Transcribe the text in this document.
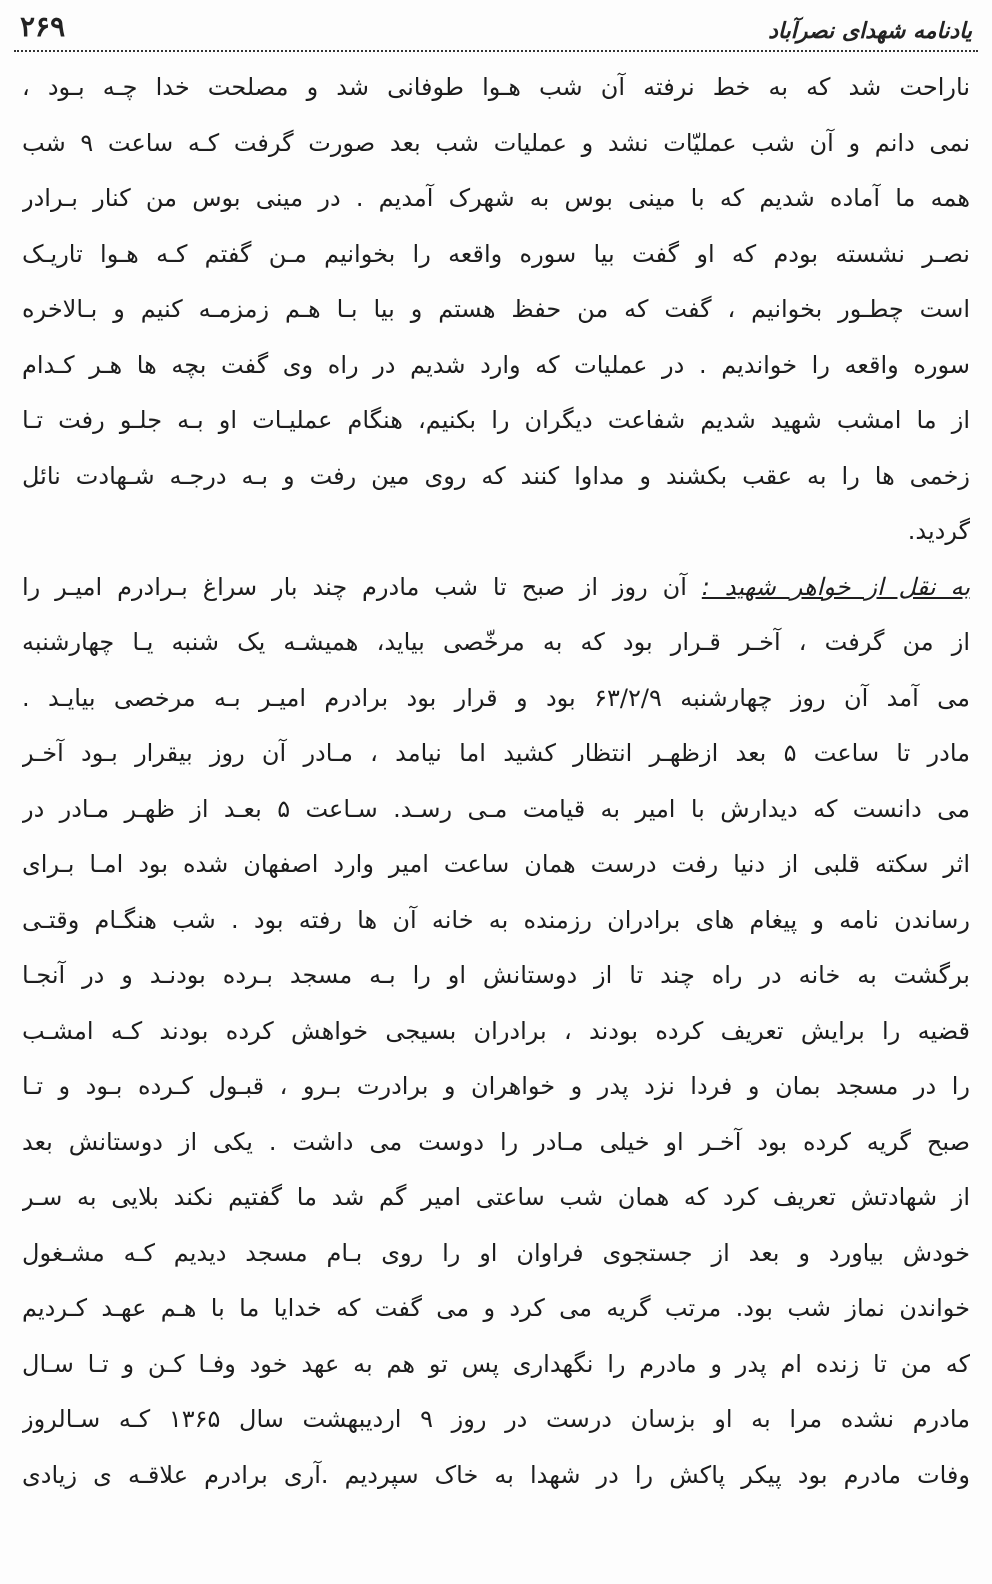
یادنامه شهدای نصرآباد
۲۶۹
ناراحت شد که به خط نرفته آن شب هـوا طوفانی شد و مصلحت خدا چـه بـود ،
نمی دانم و آن شب عملیّات نشد و عملیات شب بعد صورت گرفت کـه ساعت ۹ شب
همه ما آماده شدیم که با مینی بوس به شهرک آمدیم . در مینی بوس من کنار بـرادر
نصـر نشسته بودم که او گفت بیا سوره واقعه را بخوانیم مـن گفتم کـه هـوا تاریـک
است چطـور بخوانیم ، گفت که من حفظ هستم و بیا بـا هـم زمزمـه کنیم و بـالاخره
سوره واقعه را خواندیم . در عملیات که وارد شدیم در راه وی گفت بچه ها هـر کـدام
از ما امشب شهید شدیم شفاعت دیگران را بکنیم، هنگام عملیـات او بـه جلـو رفت تـا
زخمی ها را به عقب بکشند و مداوا کنند که روی مین رفت و بـه درجـه شـهادت نائل
گردید.
به نقل از خواهر شهید : آن روز از صبح تا شب مادرم چند بار سراغ بـرادرم امیـر را
از من گرفت ، آخـر قـرار بود که به مرخّصی بیاید، همیشـه یک شنبه یـا چهارشنبه
می آمد آن روز چهارشنبه ۶۳/۲/۹ بود و قرار بود برادرم امیـر بـه مرخصی بیایـد .
مادر تا ساعت ۵ بعد ازظهـر انتظار کشید اما نیامد ، مـادر آن روز بیقرار بـود آخـر
می دانست که دیدارش با امیر به قیامت مـی رسـد. سـاعت ۵ بعـد از ظهـر مـادر در
اثر سکته قلبی از دنیا رفت درست همان ساعت امیر وارد اصفهان شده بود امـا بـرای
رساندن نامه و پیغام های برادران رزمنده به خانه آن ها رفته بود . شب هنگـام وقتـی
برگشت به خانه در راه چند تا از دوستانش او را بـه مسجد بـرده بودنـد و در آنجـا
قضیه را برایش تعریف کرده بودند ، برادران بسیجی خواهش کرده بودند کـه امشـب
را در مسجد بمان و فردا نزد پدر و خواهران و برادرت بـرو ، قبـول کـرده بـود و تـا
صبح گریه کرده بود آخـر او خیلی مـادر را دوست می داشت . یکی از دوستانش بعد
از شهادتش تعریف کرد که همان شب ساعتی امیر گم شد ما گفتیم نکند بلایی به سـر
خودش بیاورد و بعد از جستجوی فراوان او را روی بـام مسجد دیدیم کـه مشـغول
خواندن نماز شب بود. مرتب گریه می کرد و می گفت که خدایا ما با هـم عهـد کـردیم
که من تا زنده ام پدر و مادرم را نگهداری پس تو هم به عهد خود وفـا کـن و تـا سـال
مادرم نشده مرا به او بزسان درست در روز ۹ اردیبهشت سال ۱۳۶۵ کـه سـالروز
وفات مادرم بود پیکر پاکش را در شهدا به خاک سپردیم .آری برادرم علاقـه ی زیادی
